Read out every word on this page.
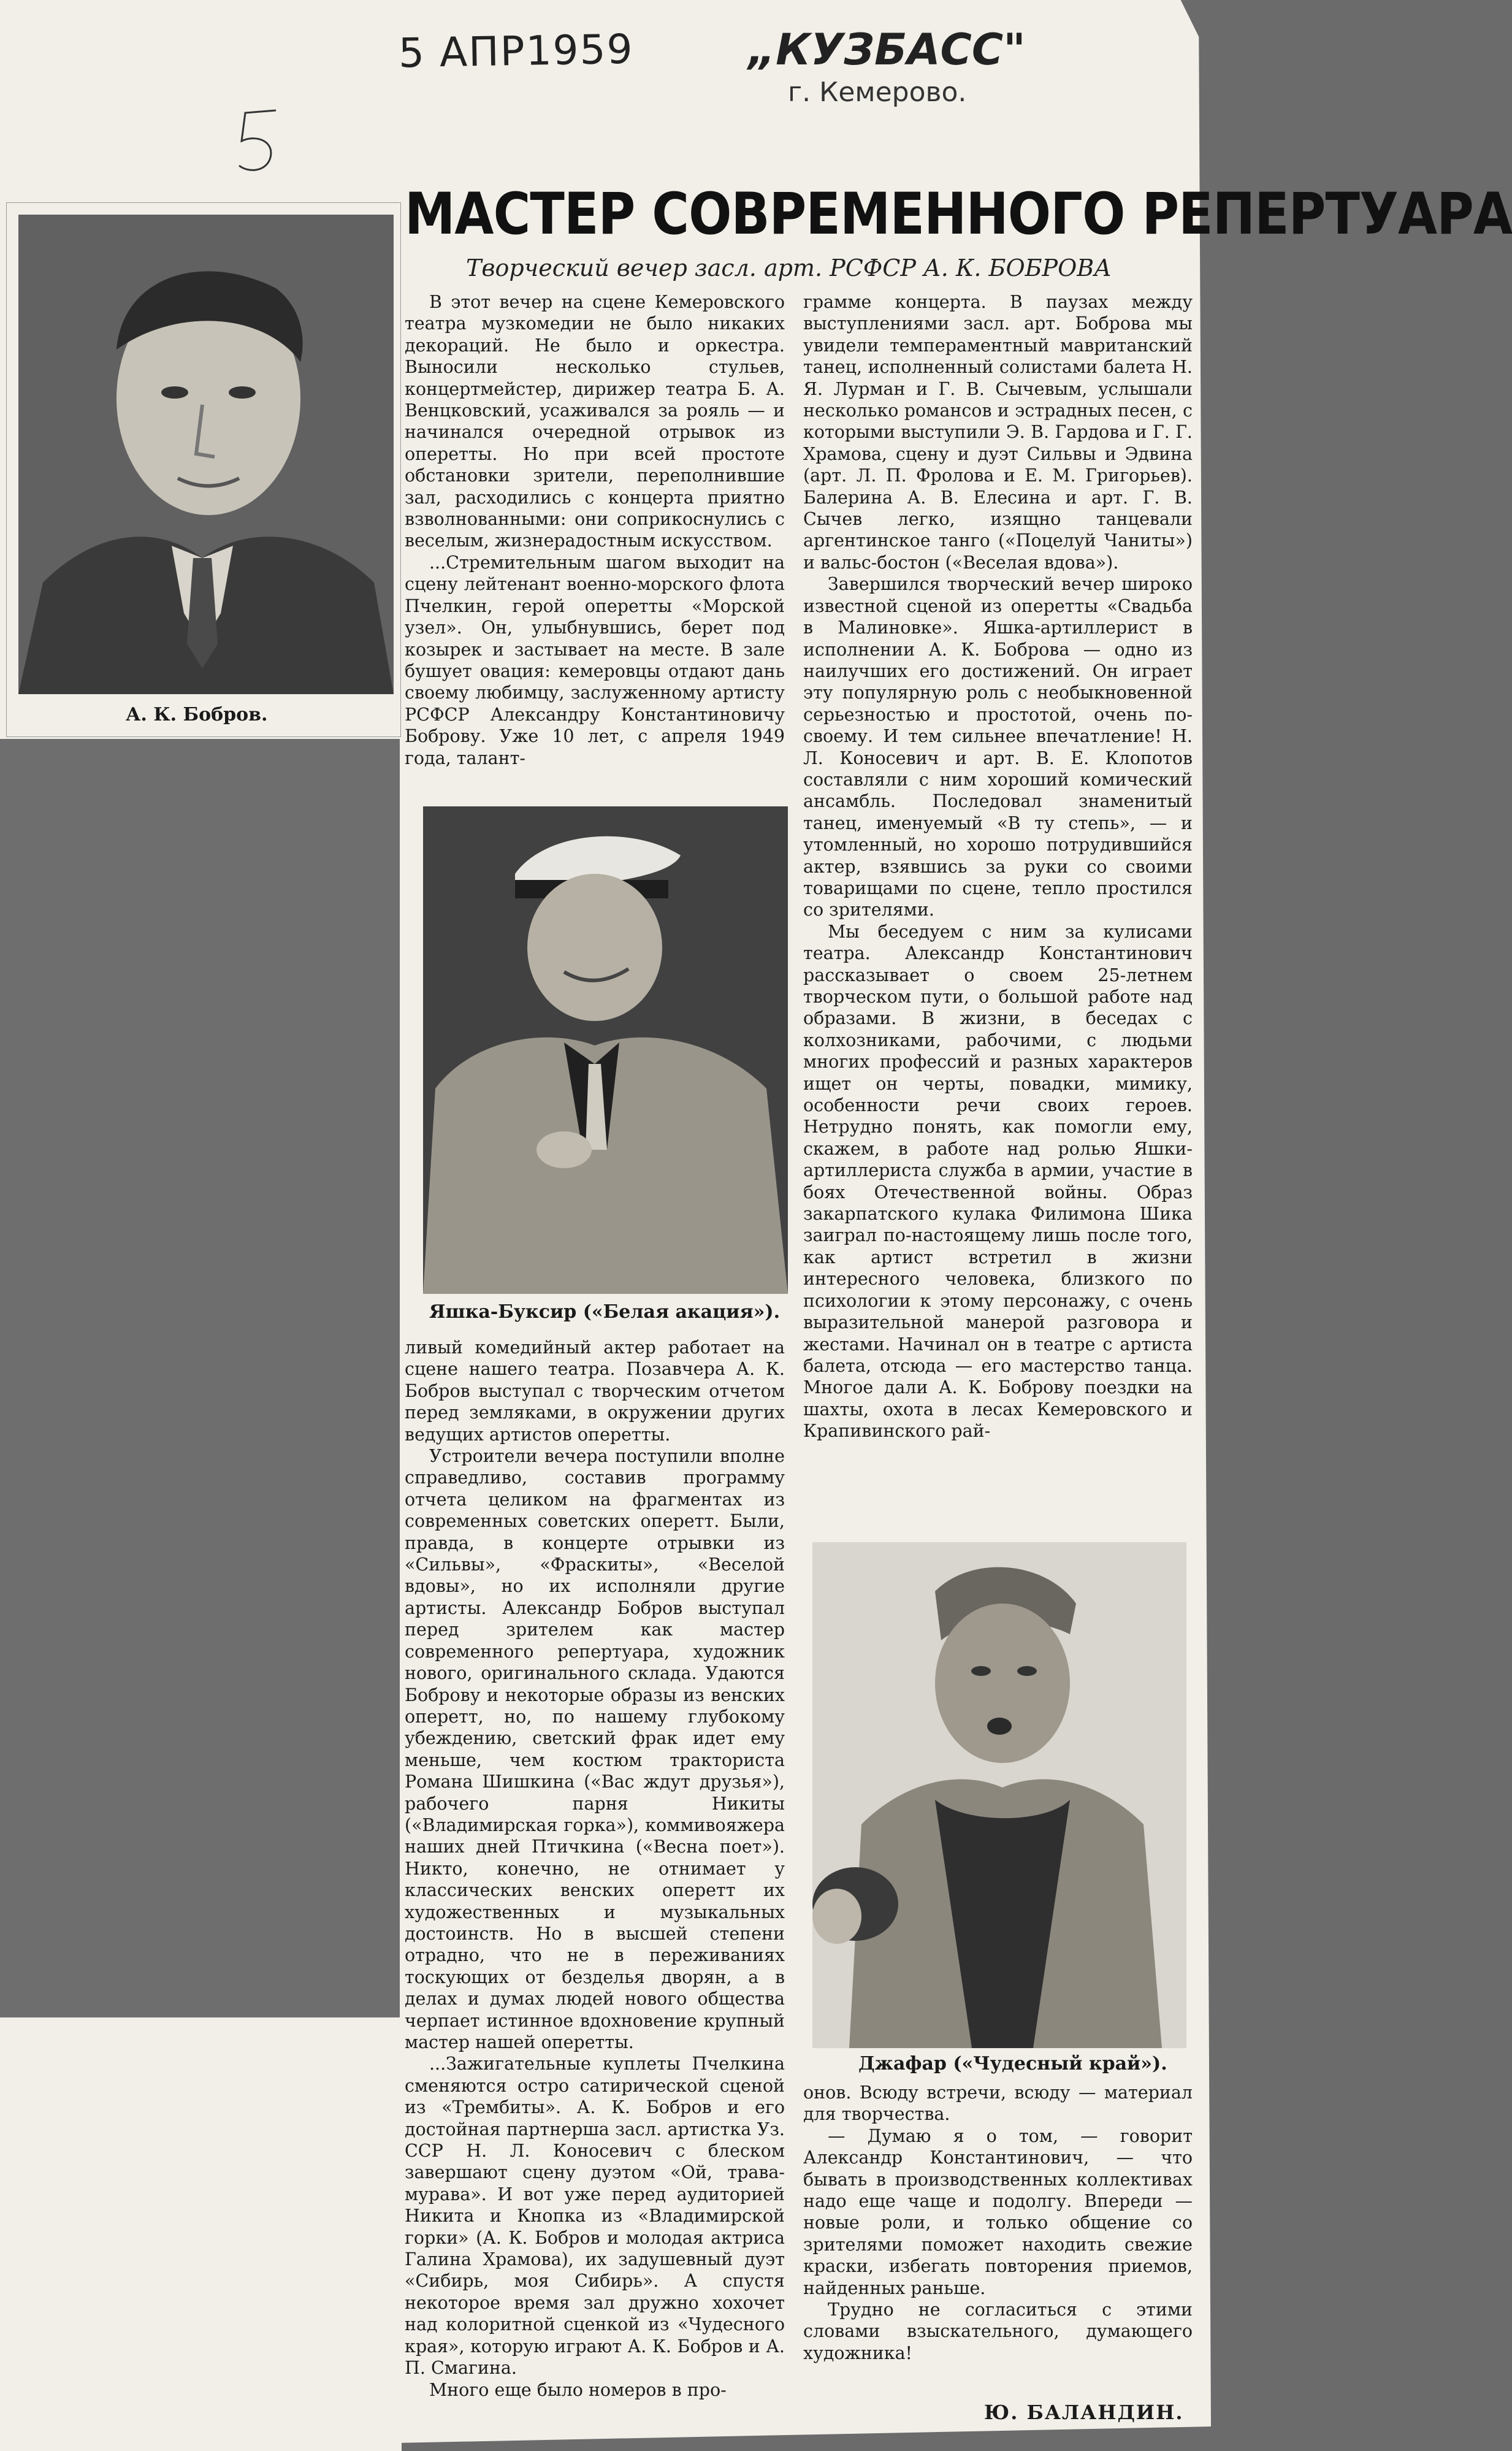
5 АПР1959	„КУЗБАСС"
г. Кемерово.
МАСТЕР СОВРЕМЕННОГО РЕПЕРТУАРА
Творческий вечер засл. арт. РСФСР А. К. БОБРОВА
А. К. Бобров.

В этот вечер на сцене Кемеровского театра музкомедии не было никаких декораций. Не было и оркестра. Выносили несколько стульев, концертмейстер, дирижер театра Б. А. Венцковский, усаживался за рояль — и начинался очередной отрывок из оперетты. Но при всей простоте обстановки зрители, переполнившие зал, расходились с концерта приятно взволнованными: они соприкоснулись с веселым, жизнерадостным искусством.

...Стремительным шагом выходит на сцену лейтенант военно-морского флота Пчелкин, герой оперетты «Морской узел». Он, улыбнувшись, берет под козырек и застывает на месте. В зале бушует овация: кемеровцы отдают дань своему любимцу, заслуженному артисту РСФСР Александру Константиновичу Боброву. Уже 10 лет, с апреля 1949 года, талант-

Яшка-Буксир («Белая акация»).

ливый комедийный актер работает на сцене нашего театра. Позавчера А. К. Бобров выступал с творческим отчетом перед земляками, в окружении других ведущих артистов оперетты.

Устроители вечера поступили вполне справедливо, составив программу отчета целиком на фрагментах из современных советских оперетт. Были, правда, в концерте отрывки из «Сильвы», «Фраскиты», «Веселой вдовы», но их исполняли другие артисты. Александр Бобров выступал перед зрителем как мастер современного репертуара, художник нового, оригинального склада. Удаются Боброву и некоторые образы из венских оперетт, но, по нашему глубокому убеждению, светский фрак идет ему меньше, чем костюм тракториста Романа Шишкина («Вас ждут друзья»), рабочего парня Никиты («Владимирская горка»), коммивояжера наших дней Птичкина («Весна поет»). Никто, конечно, не отнимает у классических венских оперетт их художественных и музыкальных достоинств. Но в высшей степени отрадно, что не в переживаниях тоскующих от безделья дворян, а в делах и думах людей нового общества черпает истинное вдохновение крупный мастер нашей оперетты.

...Зажигательные куплеты Пчелкина сменяются остро сатирической сценой из «Трембиты». А. К. Бобров и его достойная партнерша засл. артистка Уз. ССР Н. Л. Коносевич с блеском завершают сцену дуэтом «Ой, трава-мурава». И вот уже перед аудиторией Никита и Кнопка из «Владимирской горки» (А. К. Бобров и молодая актриса Галина Храмова), их задушевный дуэт «Сибирь, моя Сибирь». А спустя некоторое время зал дружно хохочет над колоритной сценкой из «Чудесного края», которую играют А. К. Бобров и А. П. Смагина.

Много еще было номеров в про-

грамме концерта. В паузах между выступлениями засл. арт. Боброва мы увидели темпераментный мавританский танец, исполненный солистами балета Н. Я. Лурман и Г. В. Сычевым, услышали несколько романсов и эстрадных песен, с которыми выступили Э. В. Гардова и Г. Г. Храмова, сцену и дуэт Сильвы и Эдвина (арт. Л. П. Фролова и Е. М. Григорьев). Балерина А. В. Елесина и арт. Г. В. Сычев легко, изящно танцевали аргентинское танго («Поцелуй Чаниты») и вальс-бостон («Веселая вдова»).

Завершился творческий вечер широко известной сценой из оперетты «Свадьба в Малиновке». Яшка-артиллерист в исполнении А. К. Боброва — одно из наилучших его достижений. Он играет эту популярную роль с необыкновенной серьезностью и простотой, очень по-своему. И тем сильнее впечатление! Н. Л. Коносевич и арт. В. Е. Клопотов составляли с ним хороший комический ансамбль. Последовал знаменитый танец, именуемый «В ту степь», — и утомленный, но хорошо потрудившийся актер, взявшись за руки со своими товарищами по сцене, тепло простился со зрителями.

Мы беседуем с ним за кулисами театра. Александр Константинович рассказывает о своем 25-летнем творческом пути, о большой работе над образами. В жизни, в беседах с колхозниками, рабочими, с людьми многих профессий и разных характеров ищет он черты, повадки, мимику, особенности речи своих героев. Нетрудно понять, как помогли ему, скажем, в работе над ролью Яшки-артиллериста служба в армии, участие в боях Отечественной войны. Образ закарпатского кулака Филимона Шика заиграл по-настоящему лишь после того, как артист встретил в жизни интересного человека, близкого по психологии к этому персонажу, с очень выразительной манерой разговора и жестами. Начинал он в театре с артиста балета, отсюда — его мастерство танца. Многое дали А. К. Боброву поездки на шахты, охота в лесах Кемеровского и Крапивинского рай-

Джафар («Чудесный край»).

онов. Всюду встречи, всюду — материал для творчества.

— Думаю я о том, — говорит Александр Константинович, — что бывать в производственных коллективах надо еще чаще и подолгу. Впереди — новые роли, и только общение со зрителями поможет находить свежие краски, избегать повторения приемов, найденных раньше.

Трудно не согласиться с этими словами взыскательного, думающего художника!

Ю. БАЛАНДИН.
